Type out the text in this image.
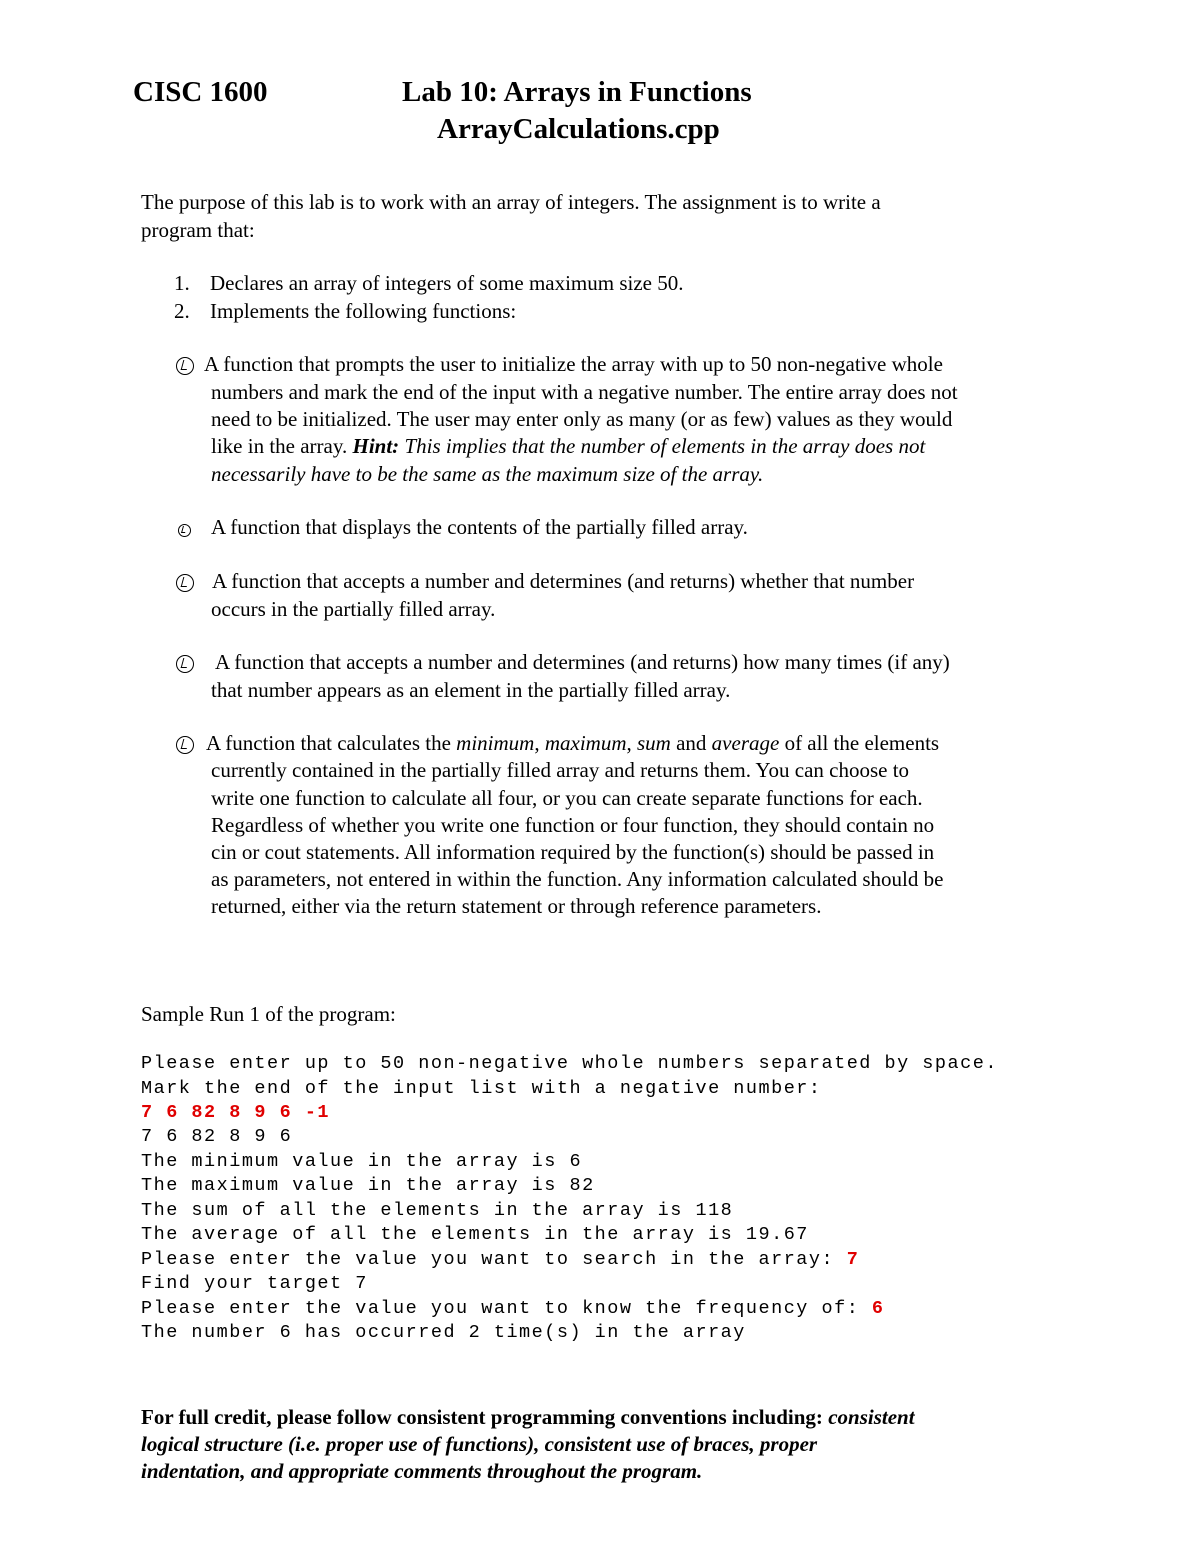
CISC 1600	Lab 10: Arrays in Functions
ArrayCalculations.cpp
The purpose of this lab is to work with an array of integers. The assignment is to write a
program that:
1. Declares an array of integers of some maximum size 50.
2. Implements the following functions:
A function that prompts the user to initialize the array with up to 50 non-negative whole
numbers and mark the end of the input with a negative number. The entire array does not
need to be initialized. The user may enter only as many (or as few) values as they would
like in the array. Hint: This implies that the number of elements in the array does not
necessarily have to be the same as the maximum size of the array.
A function that displays the contents of the partially filled array.
A function that accepts a number and determines (and returns) whether that number
occurs in the partially filled array.
A function that accepts a number and determines (and returns) how many times (if any)
that number appears as an element in the partially filled array.
A function that calculates the minimum, maximum, sum and average of all the elements
currently contained in the partially filled array and returns them. You can choose to
write one function to calculate all four, or you can create separate functions for each.
Regardless of whether you write one function or four function, they should contain no
cin or cout statements. All information required by the function(s) should be passed in
as parameters, not entered in within the function. Any information calculated should be
returned, either via the return statement or through reference parameters.
Sample Run 1 of the program:
Please enter up to 50 non-negative whole numbers separated by space.
Mark the end of the input list with a negative number:
7 6 82 8 9 6 -1
7 6 82 8 9 6
The minimum value in the array is 6
The maximum value in the array is 82
The sum of all the elements in the array is 118
The average of all the elements in the array is 19.67
Please enter the value you want to search in the array: 7
Find your target 7
Please enter the value you want to know the frequency of: 6
The number 6 has occurred 2 time(s) in the array
For full credit, please follow consistent programming conventions including: consistent
logical structure (i.e. proper use of functions), consistent use of braces, proper
indentation, and appropriate comments throughout the program.
